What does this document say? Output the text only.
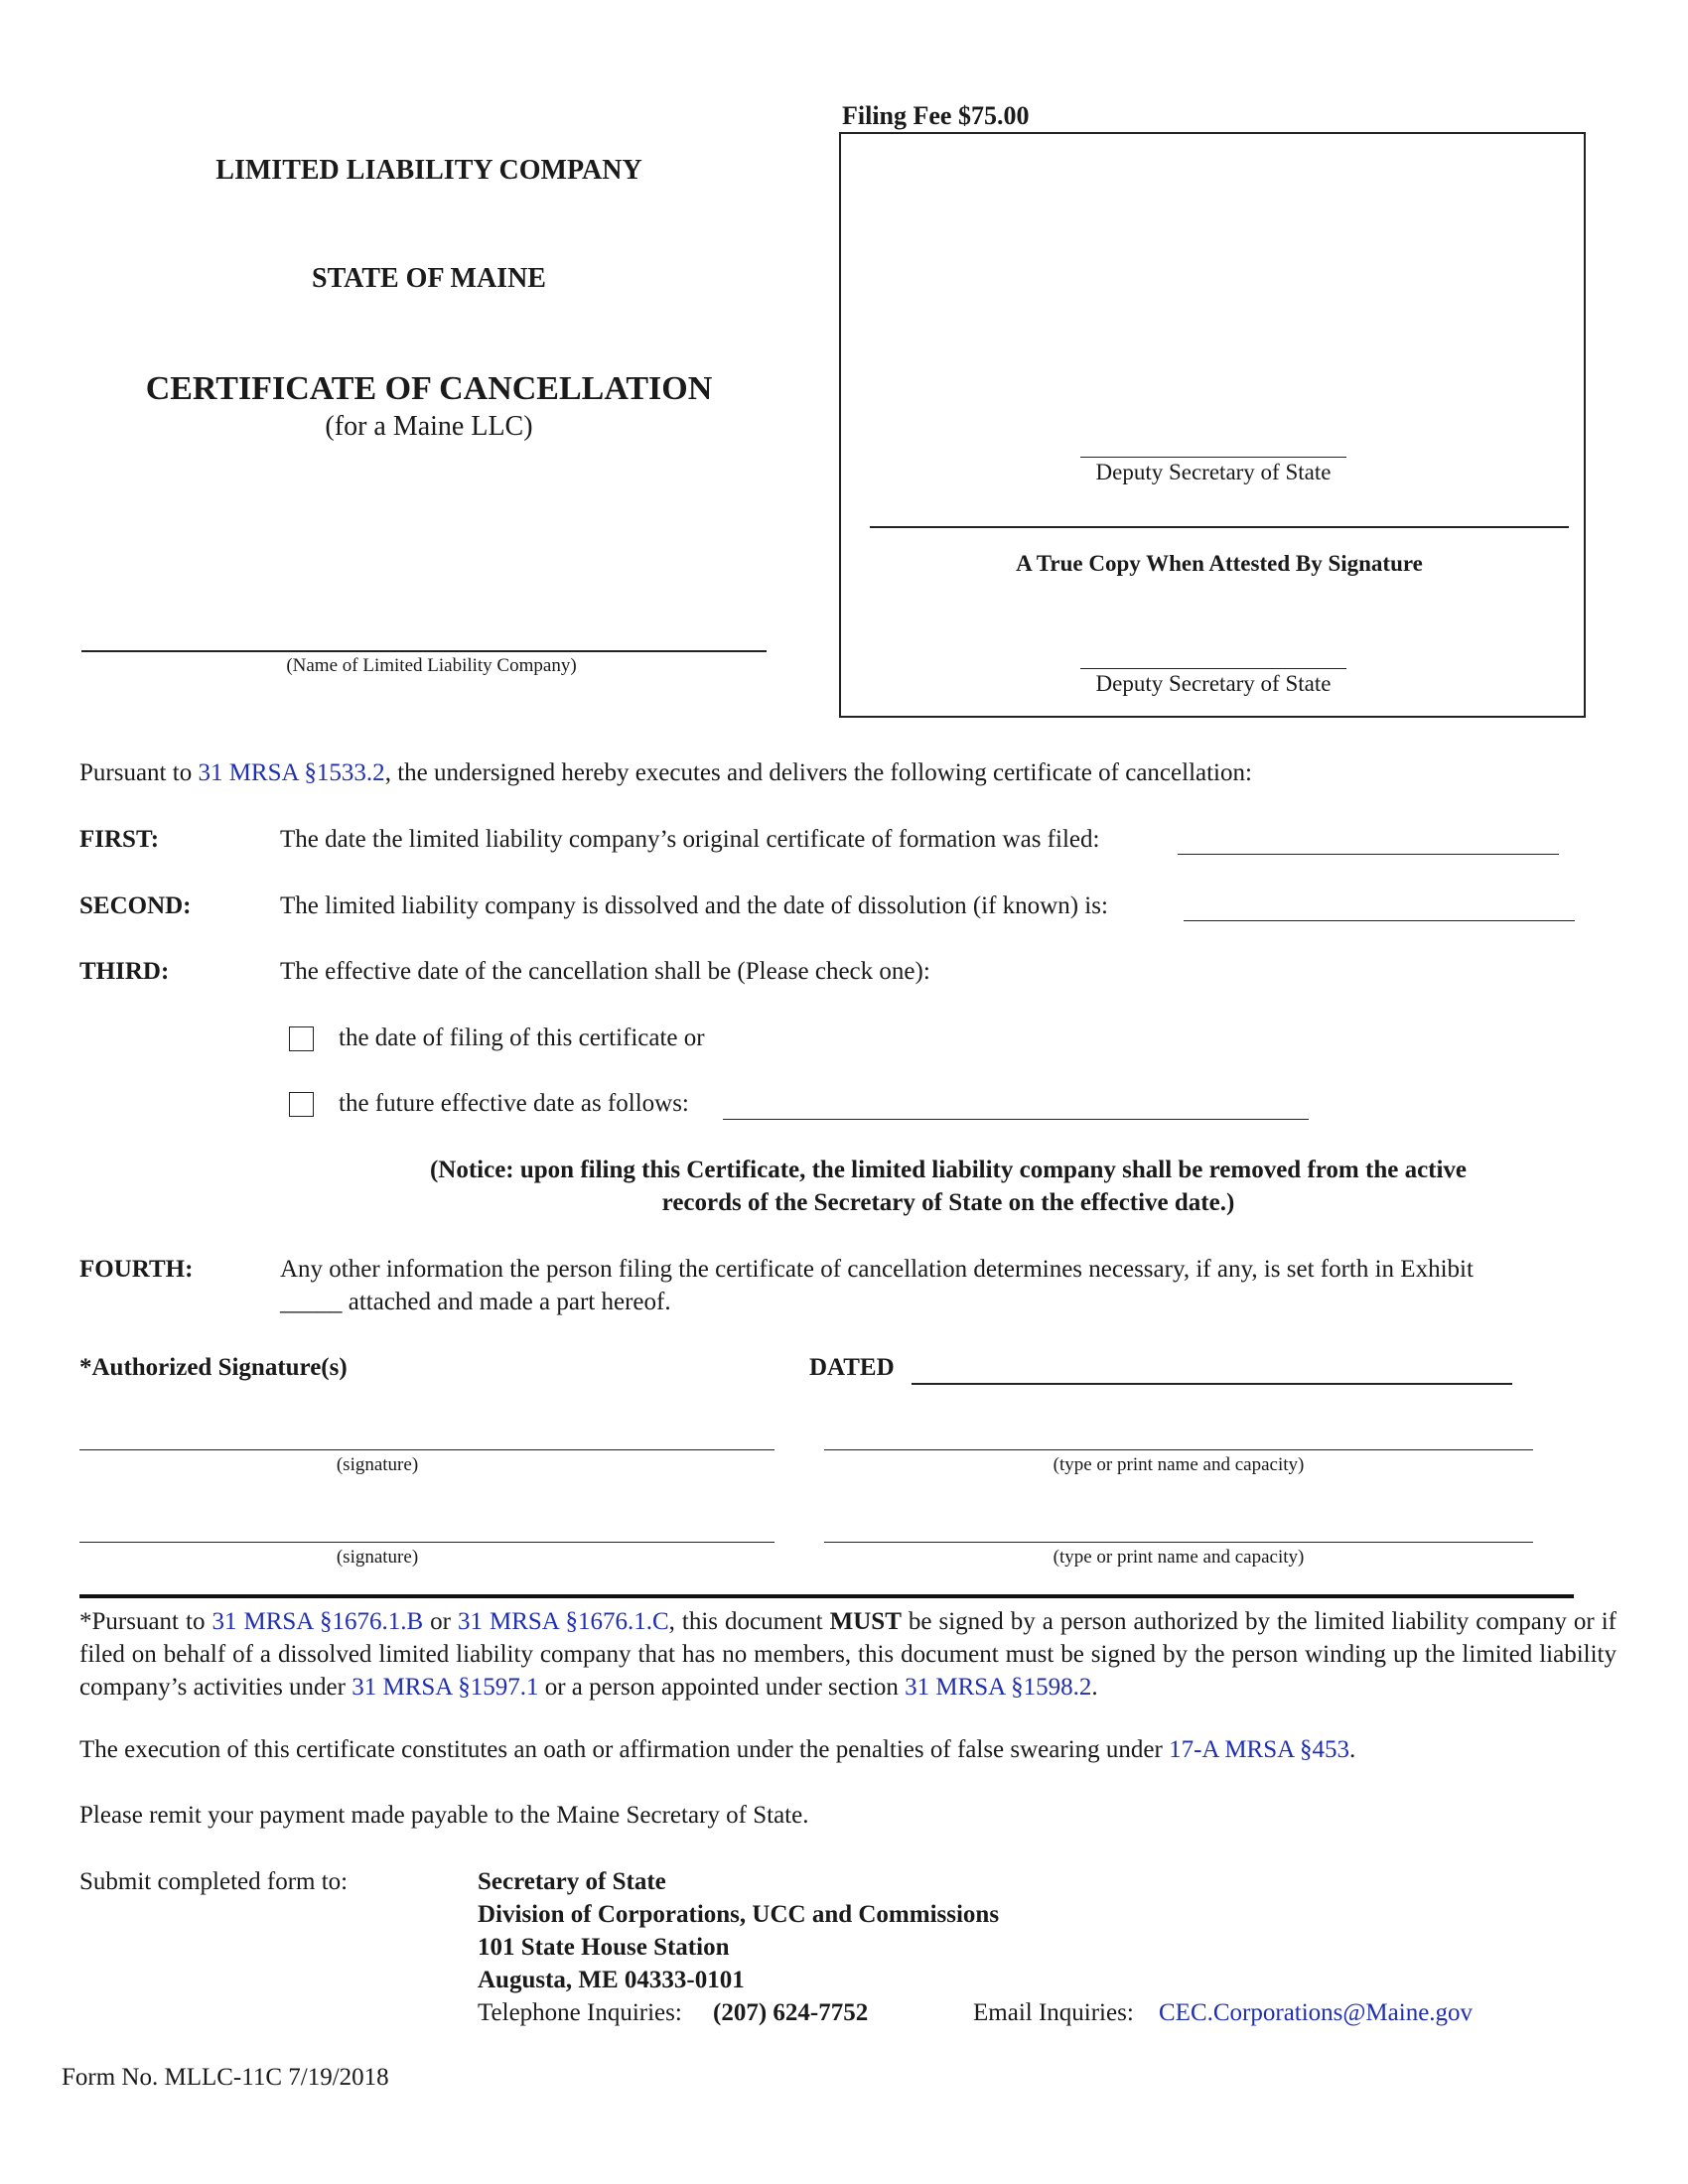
Filing Fee $75.00
Deputy Secretary of State
A True Copy When Attested By Signature
Deputy Secretary of State
LIMITED LIABILITY COMPANY
STATE OF MAINE
CERTIFICATE OF CANCELLATION
(for a Maine LLC)
(Name of Limited Liability Company)
Pursuant to 31 MRSA §1533.2, the undersigned hereby executes and delivers the following certificate of cancellation:
FIRST:	The date the limited liability company’s original certificate of formation was filed:
SECOND:	The limited liability company is dissolved and the date of dissolution (if known) is:
THIRD:	The effective date of the cancellation shall be (Please check one):
the date of filing of this certificate or
the future effective date as follows:
(Notice: upon filing this Certificate, the limited liability company shall be removed from the active
records of the Secretary of State on the effective date.)
FOURTH:	Any other information the person filing the certificate of cancellation determines necessary, if any, is set forth in Exhibit
_____ attached and made a part hereof.
*Authorized Signature(s)	DATED
(signature)	(type or print name and capacity)
(signature)	(type or print name and capacity)
*Pursuant to 31 MRSA §1676.1.B or 31 MRSA §1676.1.C, this document MUST be signed by a person authorized by the limited liability company or if filed on behalf of a dissolved limited liability company that has no members, this document must be signed by the person winding up the limited liability company’s activities under 31 MRSA §1597.1 or a person appointed under section 31 MRSA §1598.2.
The execution of this certificate constitutes an oath or affirmation under the penalties of false swearing under 17-A MRSA §453.
Please remit your payment made payable to the Maine Secretary of State.
Submit completed form to:	Secretary of State
Division of Corporations, UCC and Commissions
101 State House Station
Augusta, ME 04333-0101
Telephone Inquiries: (207) 624-7752	Email Inquiries: CEC.Corporations@Maine.gov
Form No. MLLC-11C 7/19/2018
